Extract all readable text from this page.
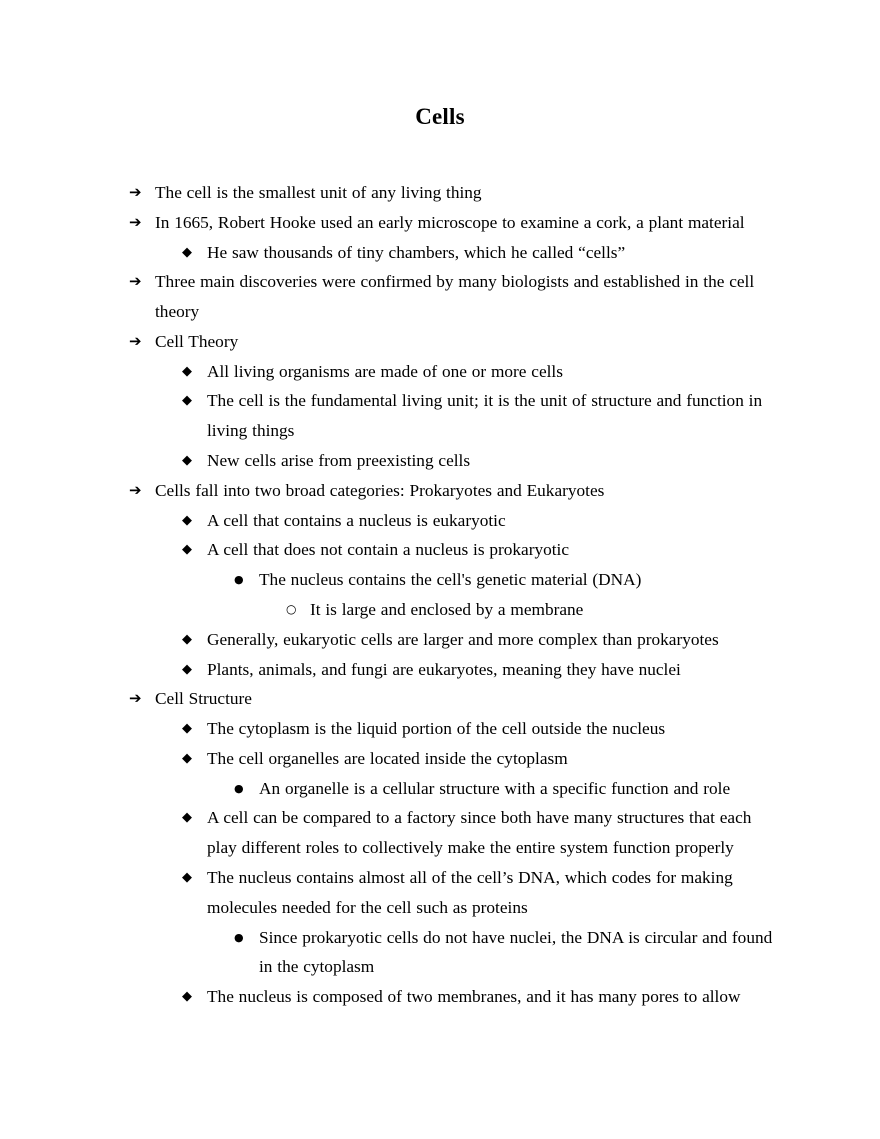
Cells
➔ The cell is the smallest unit of any living thing
➔ In 1665, Robert Hooke used an early microscope to examine a cork, a plant material
◆ He saw thousands of tiny chambers, which he called “cells”
➔ Three main discoveries were confirmed by many biologists and established in the cell theory
➔ Cell Theory
◆ All living organisms are made of one or more cells
◆ The cell is the fundamental living unit; it is the unit of structure and function in living things
◆ New cells arise from preexisting cells
➔ Cells fall into two broad categories: Prokaryotes and Eukaryotes
◆ A cell that contains a nucleus is eukaryotic
◆ A cell that does not contain a nucleus is prokaryotic
● The nucleus contains the cell's genetic material (DNA)
○ It is large and enclosed by a membrane
◆ Generally, eukaryotic cells are larger and more complex than prokaryotes
◆ Plants, animals, and fungi are eukaryotes, meaning they have nuclei
➔ Cell Structure
◆ The cytoplasm is the liquid portion of the cell outside the nucleus
◆ The cell organelles are located inside the cytoplasm
● An organelle is a cellular structure with a specific function and role
◆ A cell can be compared to a factory since both have many structures that each play different roles to collectively make the entire system function properly
◆ The nucleus contains almost all of the cell’s DNA, which codes for making molecules needed for the cell such as proteins
● Since prokaryotic cells do not have nuclei, the DNA is circular and found in the cytoplasm
◆ The nucleus is composed of two membranes, and it has many pores to allow
